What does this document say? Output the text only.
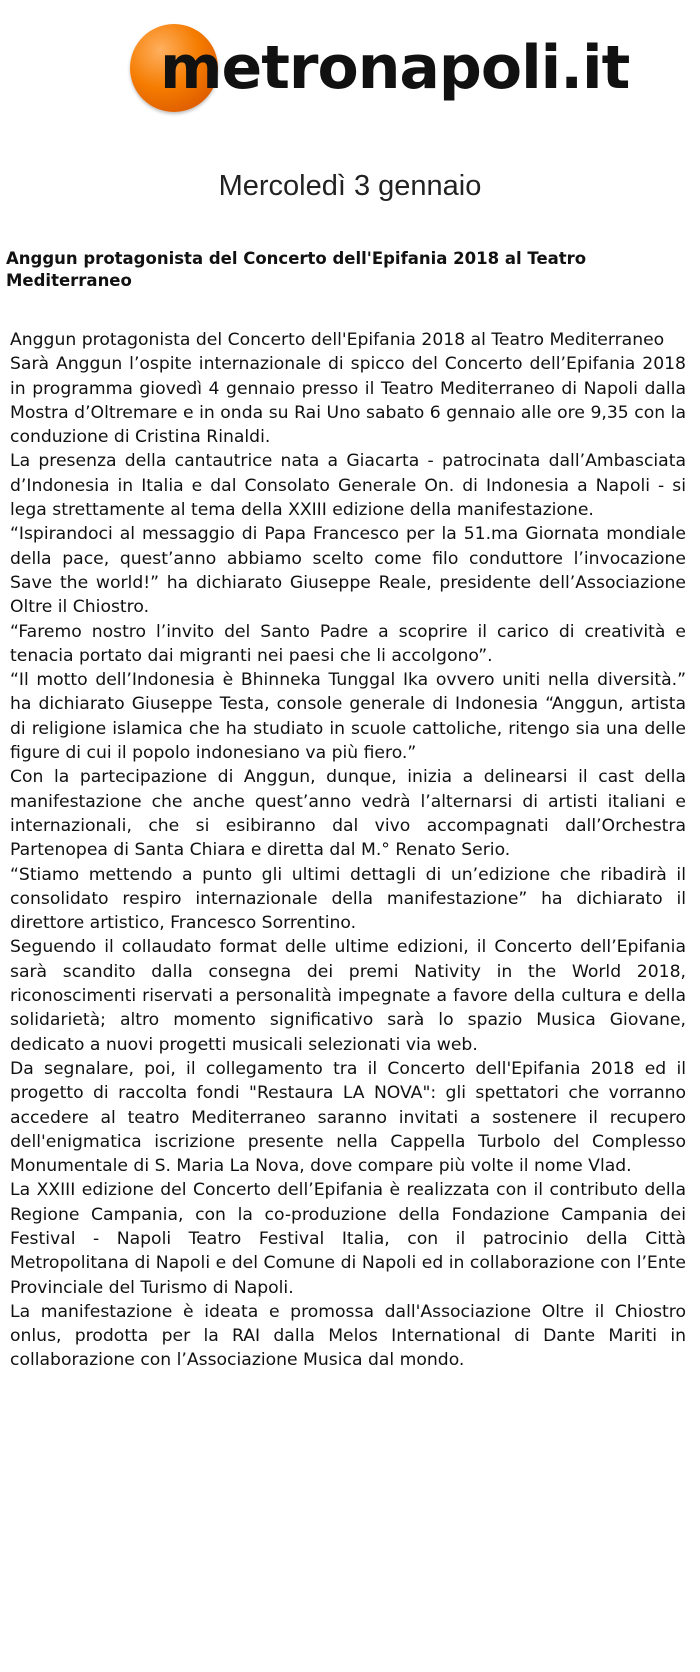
metronapoli.it
Mercoledì 3 gennaio
Anggun protagonista del Concerto dell'Epifania 2018 al Teatro Mediterraneo

Anggun protagonista del Concerto dell'Epifania 2018 al Teatro Mediterraneo

Sarà Anggun l’ospite internazionale di spicco del Concerto dell’Epifania 2018 in programma giovedì 4 gennaio presso il Teatro Mediterraneo di Napoli dalla Mostra d’Oltremare e in onda su Rai Uno sabato 6 gennaio alle ore 9,35 con la conduzione di Cristina Rinaldi.

La presenza della cantautrice nata a Giacarta - patrocinata dall’Ambasciata d’Indonesia in Italia e dal Consolato Generale On. di Indonesia a Napoli - si lega strettamente al tema della XXIII edizione della manifestazione.

“Ispirandoci al messaggio di Papa Francesco per la 51.ma Giornata mondiale della pace, quest’anno abbiamo scelto come filo conduttore l’invocazione Save the world!” ha dichiarato Giuseppe Reale, presidente dell’Associazione Oltre il Chiostro.

“Faremo nostro l’invito del Santo Padre a scoprire il carico di creatività e tenacia portato dai migranti nei paesi che li accolgono”.

“Il motto dell’Indonesia è Bhinneka Tunggal Ika ovvero uniti nella diversità.” ha dichiarato Giuseppe Testa, console generale di Indonesia “Anggun, artista di religione islamica che ha studiato in scuole cattoliche, ritengo sia una delle figure di cui il popolo indonesiano va più fiero.”

Con la partecipazione di Anggun, dunque, inizia a delinearsi il cast della manifestazione che anche quest’anno vedrà l’alternarsi di artisti italiani e internazionali, che si esibiranno dal vivo accompagnati dall’Orchestra Partenopea di Santa Chiara e diretta dal M.° Renato Serio.

“Stiamo mettendo a punto gli ultimi dettagli di un’edizione che ribadirà il consolidato respiro internazionale della manifestazione” ha dichiarato il direttore artistico, Francesco Sorrentino.

Seguendo il collaudato format delle ultime edizioni, il Concerto dell’Epifania sarà scandito dalla consegna dei premi Nativity in the World 2018, riconoscimenti riservati a personalità impegnate a favore della cultura e della solidarietà; altro momento significativo sarà lo spazio Musica Giovane, dedicato a nuovi progetti musicali selezionati via web.

Da segnalare, poi, il collegamento tra il Concerto dell'Epifania 2018 ed il progetto di raccolta fondi "Restaura LA NOVA": gli spettatori che vorranno accedere al teatro Mediterraneo saranno invitati a sostenere il recupero dell'enigmatica iscrizione presente nella Cappella Turbolo del Complesso Monumentale di S. Maria La Nova, dove compare più volte il nome Vlad.

La XXIII edizione del Concerto dell’Epifania è realizzata con il contributo della Regione Campania, con la co-produzione della Fondazione Campania dei Festival - Napoli Teatro Festival Italia, con il patrocinio della Città Metropolitana di Napoli e del Comune di Napoli ed in collaborazione con l’Ente Provinciale del Turismo di Napoli.

La manifestazione è ideata e promossa dall'Associazione Oltre il Chiostro onlus, prodotta per la RAI dalla Melos International di Dante Mariti in collaborazione con l’Associazione Musica dal mondo.
